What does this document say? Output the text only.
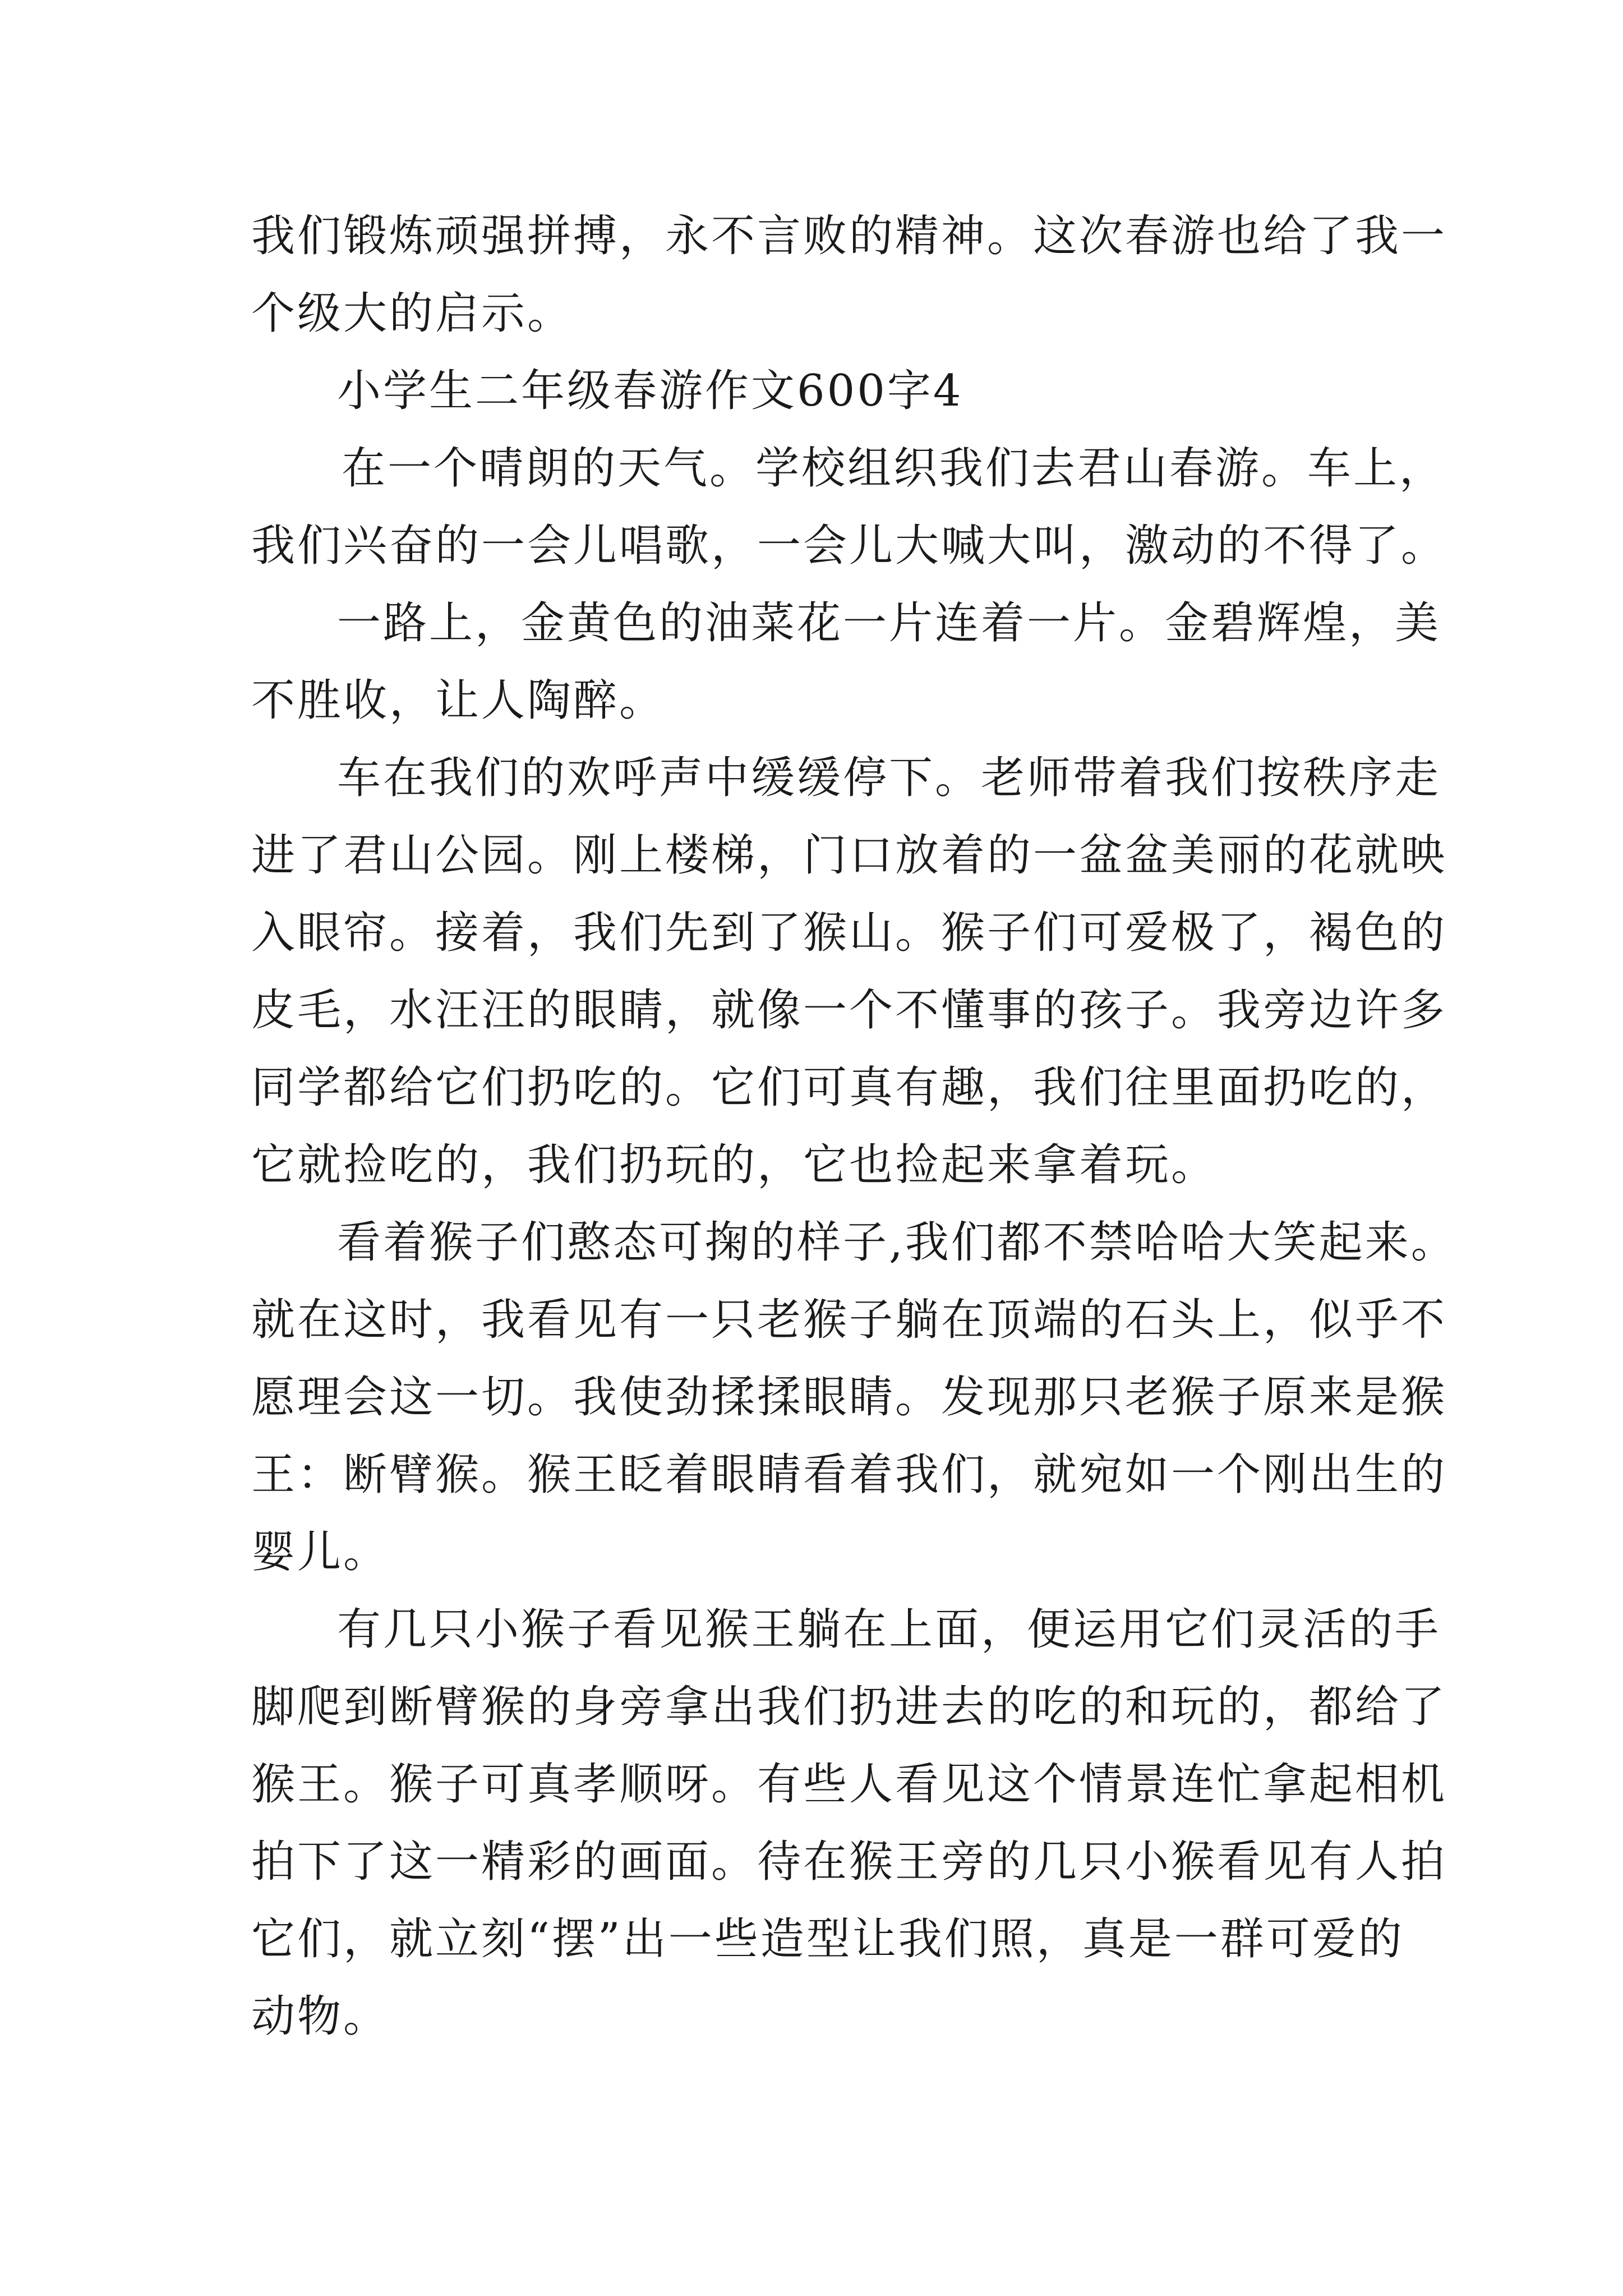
我们锻炼顽强拼搏，永不言败的精神。这次春游也给了我一

个级大的启示。

小学生二年级春游作文600字4

在一个晴朗的天气。学校组织我们去君山春游。车上，

我们兴奋的一会儿唱歌，一会儿大喊大叫，激动的不得了。

一路上，金黄色的油菜花一片连着一片。金碧辉煌，美

不胜收，让人陶醉。

车在我们的欢呼声中缓缓停下。老师带着我们按秩序走

进了君山公园。刚上楼梯，门口放着的一盆盆美丽的花就映

入眼帘。接着，我们先到了猴山。猴子们可爱极了，褐色的

皮毛，水汪汪的眼睛，就像一个不懂事的孩子。我旁边许多

同学都给它们扔吃的。它们可真有趣，我们往里面扔吃的，

它就捡吃的，我们扔玩的，它也捡起来拿着玩。

看着猴子们憨态可掬的样子,我们都不禁哈哈大笑起来。

就在这时，我看见有一只老猴子躺在顶端的石头上，似乎不

愿理会这一切。我使劲揉揉眼睛。发现那只老猴子原来是猴

王：断臂猴。猴王眨着眼睛看着我们，就宛如一个刚出生的

婴儿。

有几只小猴子看见猴王躺在上面，便运用它们灵活的手

脚爬到断臂猴的身旁拿出我们扔进去的吃的和玩的，都给了

猴王。猴子可真孝顺呀。有些人看见这个情景连忙拿起相机

拍下了这一精彩的画面。待在猴王旁的几只小猴看见有人拍

它们，就立刻“摆”出一些造型让我们照，真是一群可爱的

动物。
